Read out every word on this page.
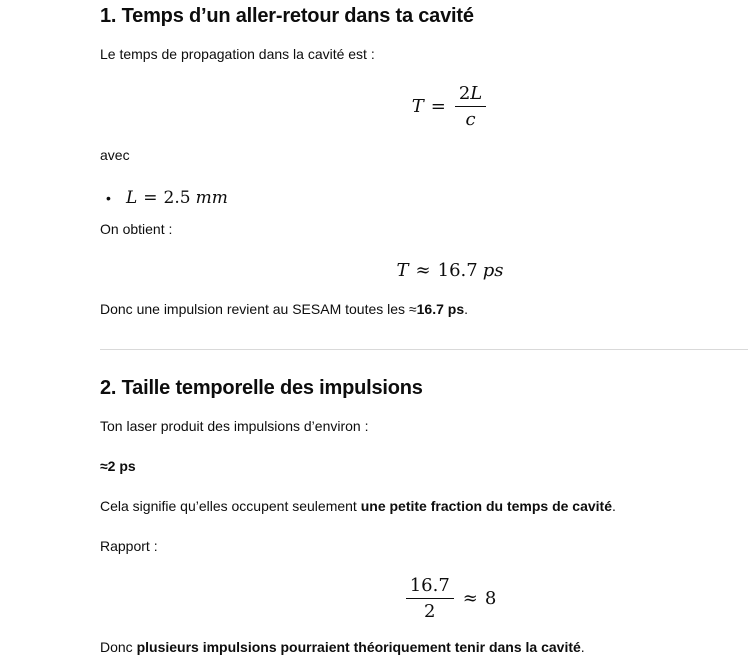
1. Temps d’un aller-retour dans ta cavité

Le temps de propagation dans la cavité est :

$T = \frac{2L}{c}$

avec

• L = 2.5 mm

On obtient :

T ≈ 16.7 ps

Donc une impulsion revient au SESAM toutes les ≈16.7 ps.

2. Taille temporelle des impulsions

Ton laser produit des impulsions d’environ :

≈2 ps

Cela signifie qu’elles occupent seulement une petite fraction du temps de cavité.

Rapport :

$\frac{16.7}{2} \approx 8$

Donc plusieurs impulsions pourraient théoriquement tenir dans la cavité.
